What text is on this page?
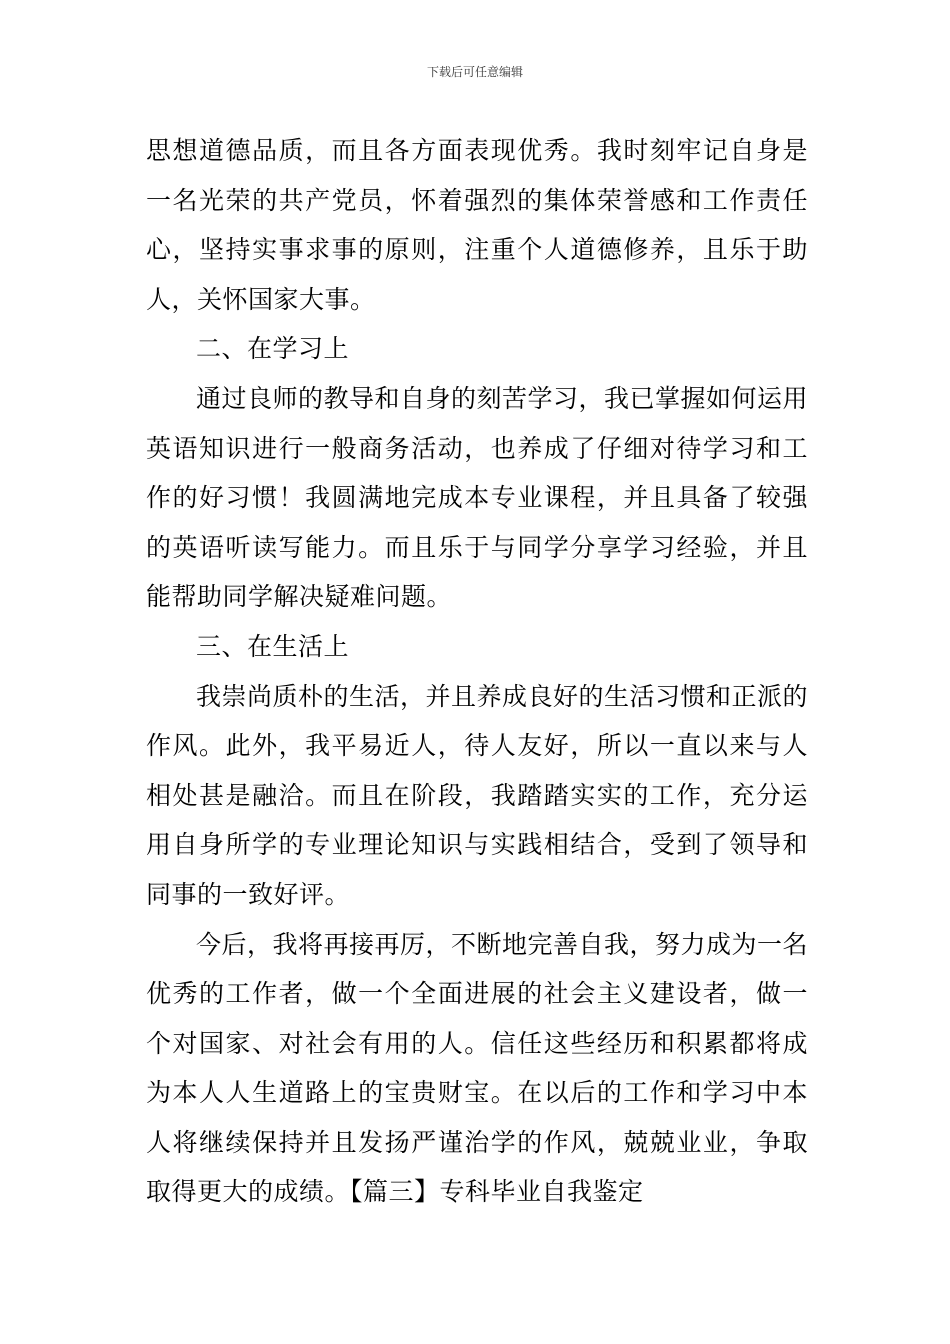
下载后可任意编辑

思想道德品质，而且各方面表现优秀。我时刻牢记自身是一名光荣的共产党员，怀着强烈的集体荣誉感和工作责任心，坚持实事求事的原则，注重个人道德修养，且乐于助人，关怀国家大事。

二、在学习上

通过良师的教导和自身的刻苦学习，我已掌握如何运用英语知识进行一般商务活动，也养成了仔细对待学习和工作的好习惯！我圆满地完成本专业课程，并且具备了较强的英语听读写能力。而且乐于与同学分享学习经验，并且能帮助同学解决疑难问题。

三、在生活上

我崇尚质朴的生活，并且养成良好的生活习惯和正派的作风。此外，我平易近人，待人友好，所以一直以来与人相处甚是融洽。而且在阶段，我踏踏实实的工作，充分运用自身所学的专业理论知识与实践相结合，受到了领导和同事的一致好评。

今后，我将再接再厉，不断地完善自我，努力成为一名优秀的工作者，做一个全面进展的社会主义建设者，做一个对国家、对社会有用的人。信任这些经历和积累都将成为本人人生道路上的宝贵财宝。在以后的工作和学习中本人将继续保持并且发扬严谨治学的作风，兢兢业业，争取取得更大的成绩。【篇三】专科毕业自我鉴定
